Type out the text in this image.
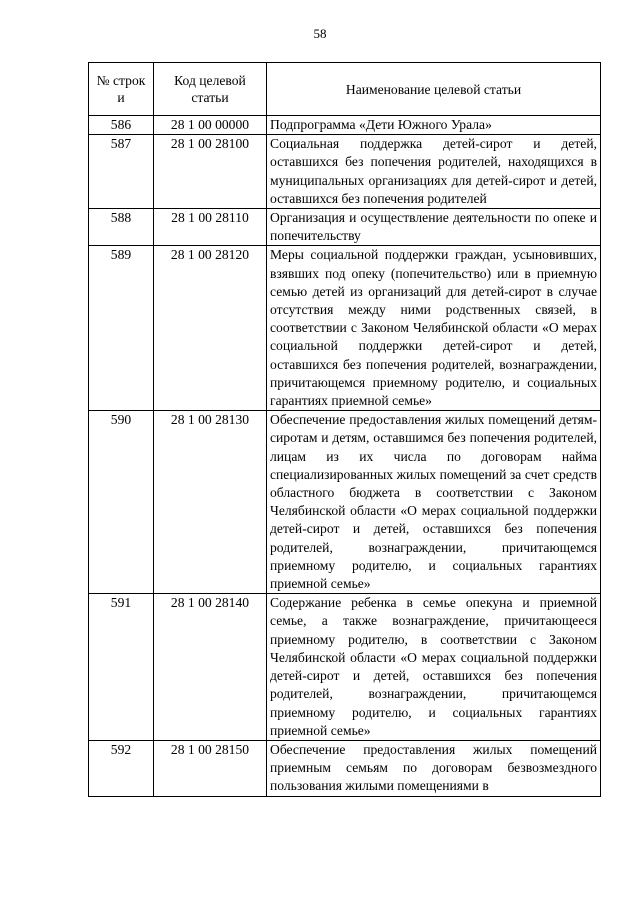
58
№ строк и	Код целевой статьи	Наименование целевой статьи
586	28 1 00 00000	Подпрограмма «Дети Южного Урала»
587	28 1 00 28100	Социальная поддержка детей-сирот и детей, оставшихся без попечения родителей, находящихся в муниципальных организациях для детей-сирот и детей, оставшихся без попечения родителей
588	28 1 00 28110	Организация и осуществление деятельности по опеке и попечительству
589	28 1 00 28120	Меры социальной поддержки граждан, усыновивших, взявших под опеку (попечительство) или в приемную семью детей из организаций для детей-сирот в случае отсутствия между ними родственных связей, в соответствии с Законом Челябинской области «О мерах социальной поддержки детей-сирот и детей, оставшихся без попечения родителей, вознаграждении, причитающемся приемному родителю, и социальных гарантиях приемной семье»
590	28 1 00 28130	Обеспечение предоставления жилых помещений детям-сиротам и детям, оставшимся без попечения родителей, лицам из их числа по договорам найма специализированных жилых помещений за счет средств областного бюджета в соответствии с Законом Челябинской области «О мерах социальной поддержки детей-сирот и детей, оставшихся без попечения родителей, вознаграждении, причитающемся приемному родителю, и социальных гарантиях приемной семье»
591	28 1 00 28140	Содержание ребенка в семье опекуна и приемной семье, а также вознаграждение, причитающееся приемному родителю, в соответствии с Законом Челябинской области «О мерах социальной поддержки детей-сирот и детей, оставшихся без попечения родителей, вознаграждении, причитающемся приемному родителю, и социальных гарантиях приемной семье»
592	28 1 00 28150	Обеспечение предоставления жилых помещений приемным семьям по договорам безвозмездного пользования жилыми помещениями в
